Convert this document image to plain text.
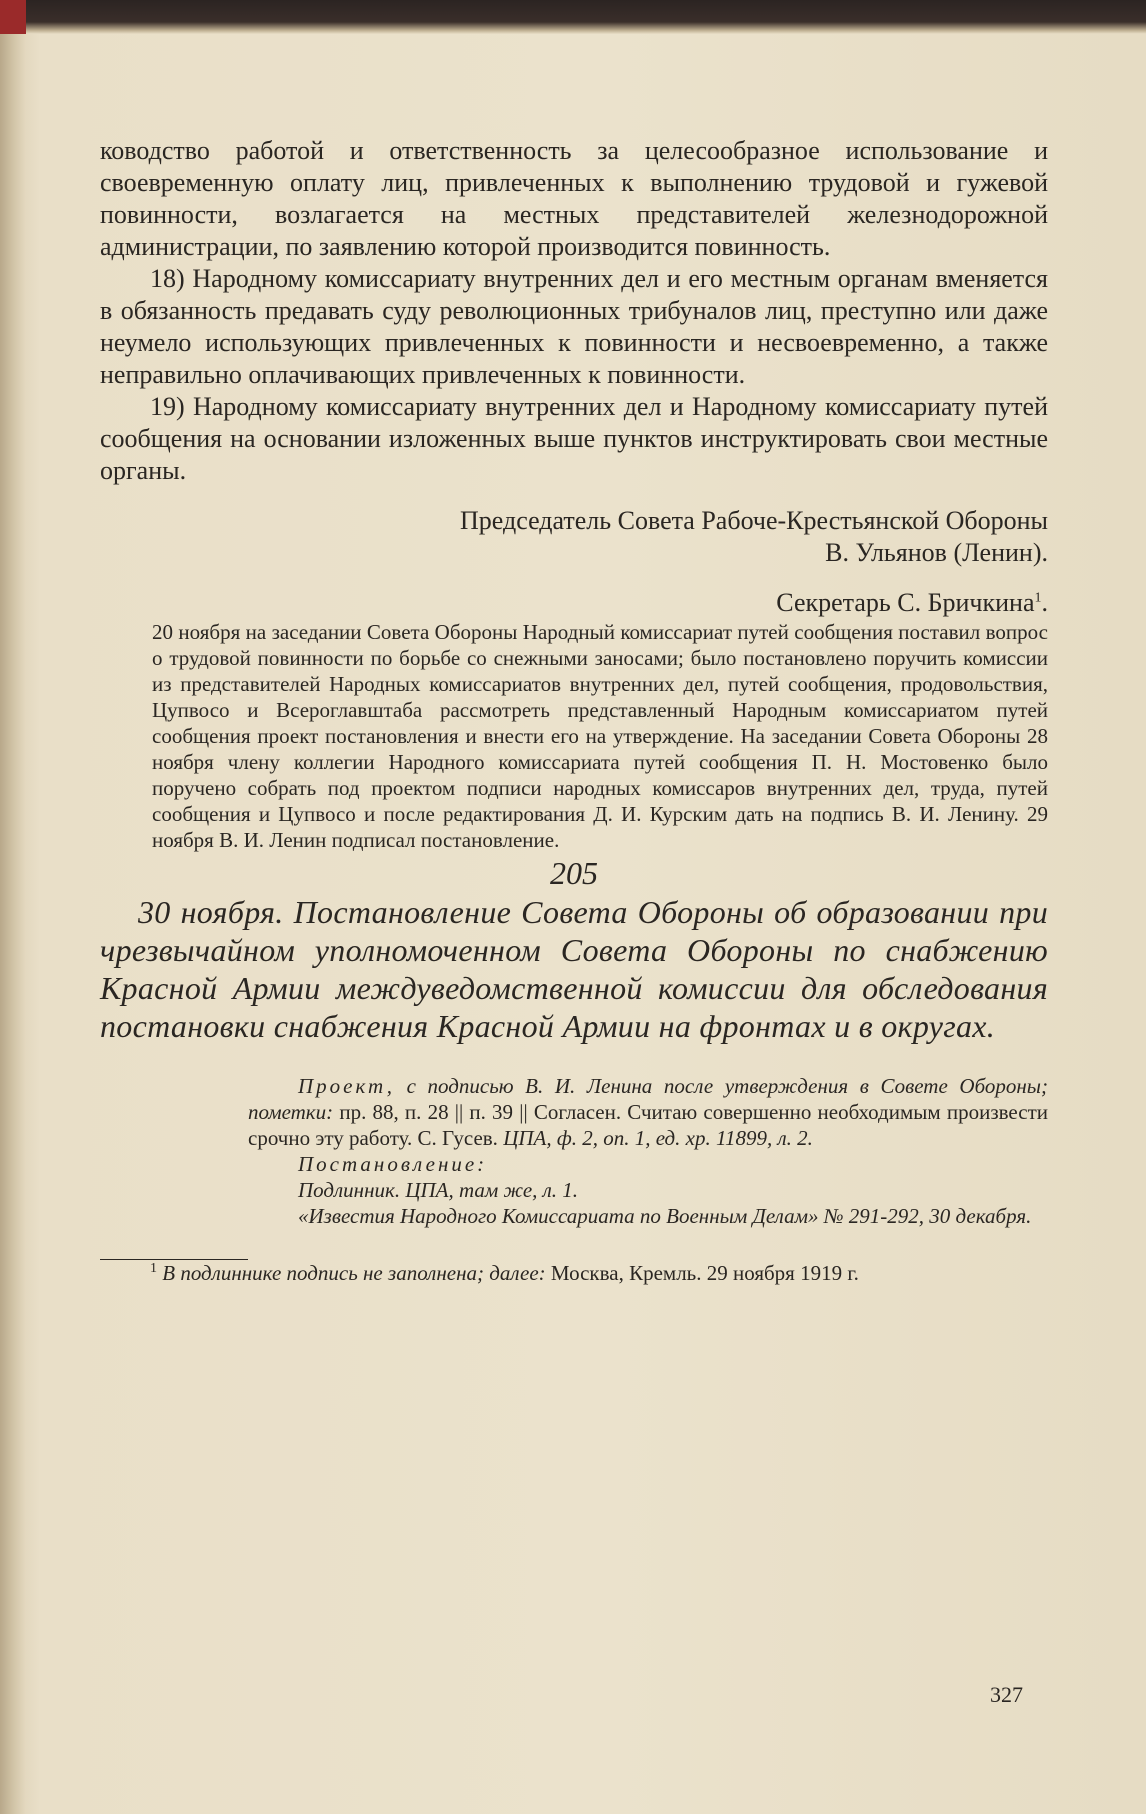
ководство работой и ответственность за целесообразное использование и своевременную оплату лиц, привлеченных к выполнению трудовой и гужевой повинности, возлагается на местных представителей железнодорожной администрации, по заявлению которой производится повинность.

18) Народному комиссариату внутренних дел и его местным органам вменяется в обязанность предавать суду революционных трибуналов лиц, преступно или даже неумело использующих привлеченных к повинности и несвоевременно, а также неправильно оплачивающих привлеченных к повинности.

19) Народному комиссариату внутренних дел и Народному комиссариату путей сообщения на основании изложенных выше пунктов инструктировать свои местные органы.

Председатель Совета Рабоче-Крестьянской Обороны

В. Ульянов (Ленин).

Секретарь С. Бричкина$^1$.

20 ноября на заседании Совета Обороны Народный комиссариат путей сообщения поставил вопрос о трудовой повинности по борьбе со снежными заносами; было постановлено поручить комиссии из представителей Народных комиссариатов внутренних дел, путей сообщения, продовольствия, Цупвосо и Всероглавштаба рассмотреть представленный Народным комиссариатом путей сообщения проект постановления и внести его на утверждение. На заседании Совета Обороны 28 ноября члену коллегии Народного комиссариата путей сообщения П. Н. Мостовенко было поручено собрать под проектом подписи народных комиссаров внутренних дел, труда, путей сообщения и Цупвосо и после редактирования Д. И. Курским дать на подпись В. И. Ленину. 29 ноября В. И. Ленин подписал постановление.

205

30 ноября. Постановление Совета Обороны об образовании при чрезвычайном уполномоченном Совета Обороны по снабжению Красной Армии междуведомственной комиссии для обследования постановки снабжения Красной Армии на фронтах и в округах.

Проект, с подписью В. И. Ленина после утверждения в Совете Обороны; пометки: пр. 88, п. 28 || п. 39 || Согласен. Считаю совершенно необходимым произвести срочно эту работу. С. Гусев. ЦПА, ф. 2, оп. 1, ед. хр. 11899, л. 2.

Постановление:

Подлинник. ЦПА, там же, л. 1.

«Известия Народного Комиссариата по Военным Делам» № 291-292, 30 декабря.

$^1$ В подлиннике подпись не заполнена; далее: Москва, Кремль. 29 ноября 1919 г.

327
